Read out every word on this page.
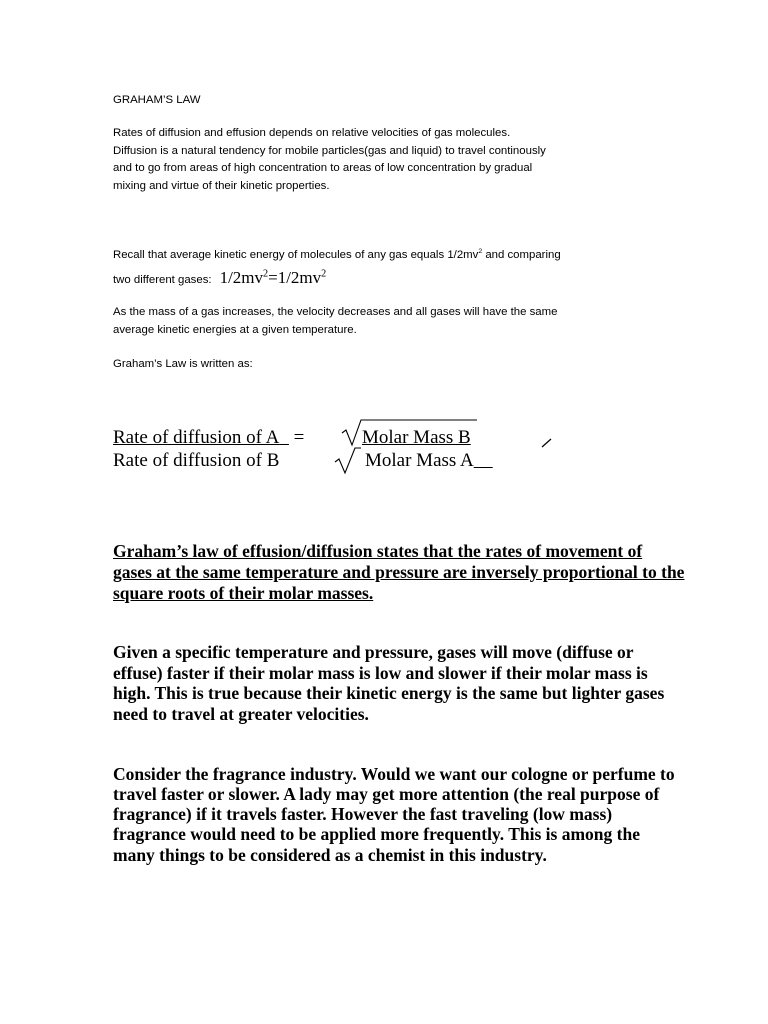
GRAHAM’S LAW

Rates of diffusion and effusion depends on relative velocities of gas molecules.

Diffusion is a natural tendency for mobile particles(gas and liquid) to travel continously

and to go from areas of high concentration to areas of low concentration by gradual

mixing and virtue of their kinetic properties.

Recall that average kinetic energy of molecules of any gas equals $1/2mv^2$ and comparing

two different gases: $1/2mv^2=1/2mv^2$

As the mass of a gas increases, the velocity decreases and all gases will have the same

average kinetic energies at a given temperature.

Graham’s Law is written as:

Rate of diffusion of A =	Molar Mass B

Rate of diffusion of B	Molar Mass A

Graham’s law of effusion/diffusion states that the rates of movement of

gases at the same temperature and pressure are inversely proportional to the

square roots of their molar masses.

Given a specific temperature and pressure, gases will move (diffuse or

effuse) faster if their molar mass is low and slower if their molar mass is

high. This is true because their kinetic energy is the same but lighter gases

need to travel at greater velocities.

Consider the fragrance industry. Would we want our cologne or perfume to

travel faster or slower. A lady may get more attention (the real purpose of

fragrance) if it travels faster. However the fast traveling (low mass)

fragrance would need to be applied more frequently. This is among the

many things to be considered as a chemist in this industry.
